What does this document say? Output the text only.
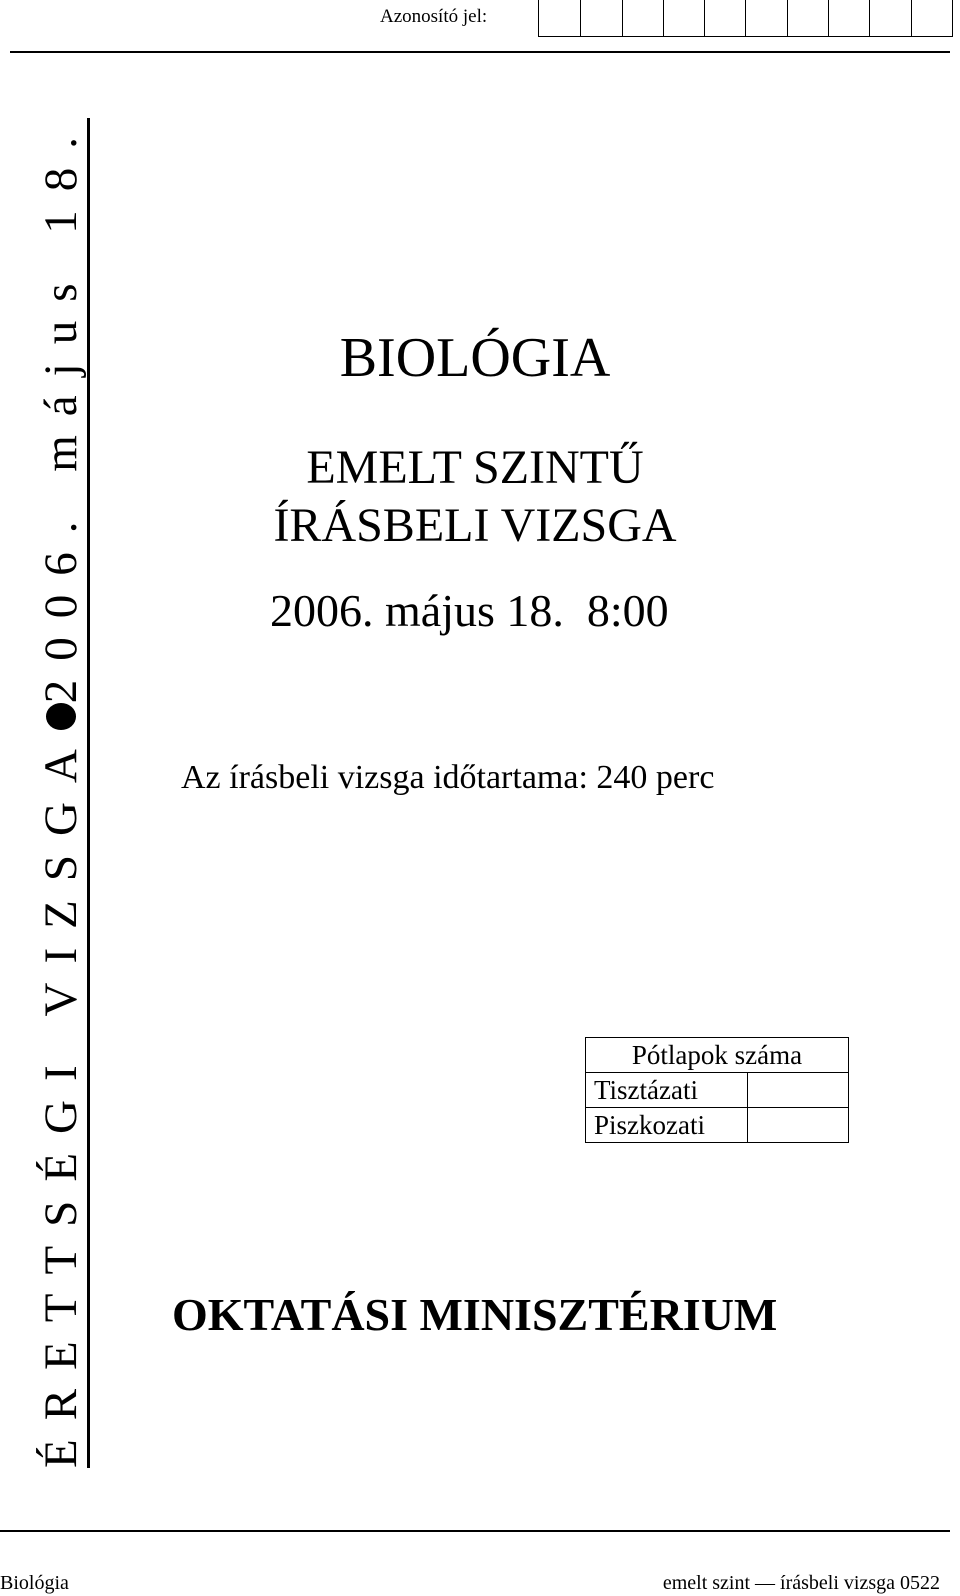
Azonosító jel:
ÉRETTSÉGI VIZSGA
2006. május 18.	BIOLÓGIA
EMELT SZINTŰ
ÍRÁSBELI VIZSGA
2006. május 18.  8:00
Az írásbeli vizsga időtartama: 240 perc
Pótlapok száma	
Tisztázati	
Piszkozati	
OKTATÁSI MINISZTÉRIUM
Biológia	emelt szint — írásbeli vizsga 0522
